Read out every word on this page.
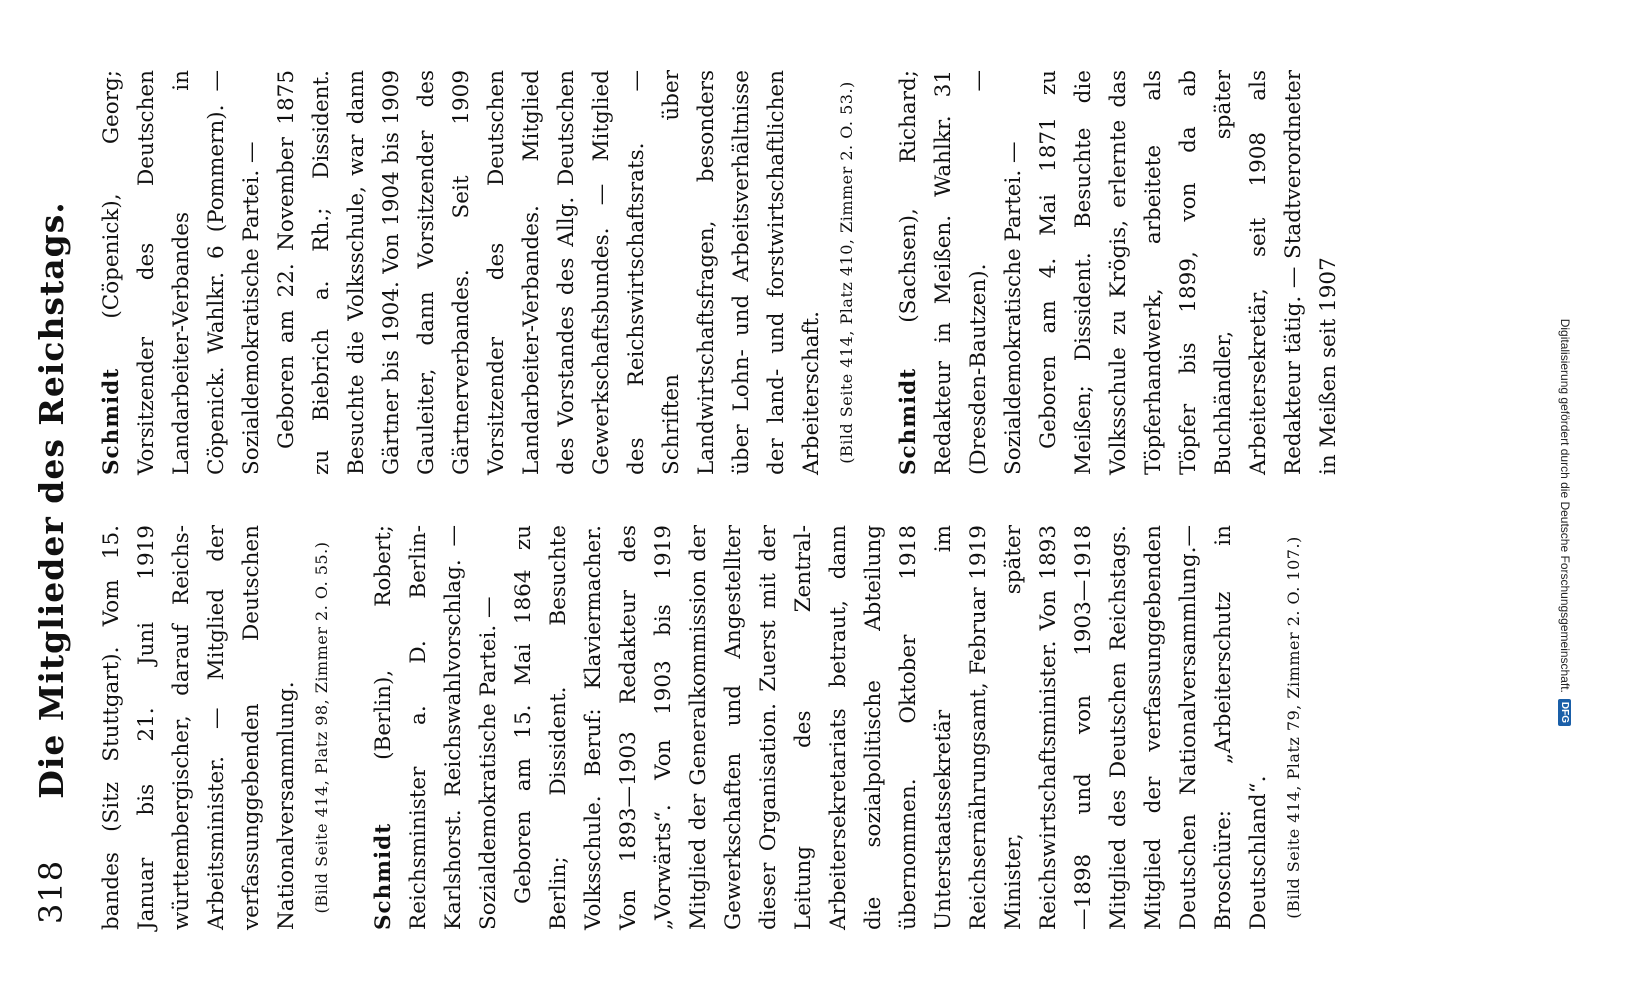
318
Die Mitglieder des Reichstags. bandes (Sitz Stuttgart). Vom 15. Januar bis 21. Juni 1919 württembergischer, darauf Reichs-Arbeitsminister. — Mitglied der verfassunggebenden Deutschen Nationalversammlung. (Bild Seite 414, Platz 98, Zimmer 2. O. 55.) Schmidt (Berlin), Robert; Reichsminister a. D. Berlin-Karlshorst. Reichswahlvorschlag. — Sozialdemokratische Partei. — Geboren am 15. Mai 1864 zu Berlin; Dissident. Besuchte Volksschule. Beruf: Klaviermacher. Von 1893—1903 Redakteur des „Vorwärts“. Von 1903 bis 1919 Mitglied der Generalkommission der Gewerkschaften und Angestellter dieser Organisation. Zuerst mit der Leitung des Zentral-Arbeitersekretariats betraut, dann die sozialpolitische Abteilung übernommen. Oktober 1918 Unterstaatssekretär im Reichsernährungsamt, Februar 1919 Minister, später Reichswirtschaftsminister. Von 1893—1898 und von 1903—1918 Mitglied des Deutschen Reichstags. Mitglied der verfassunggebenden Deutschen Nationalversammlung.— Broschüre: „Arbeiterschutz in Deutschland“. (Bild Seite 414, Platz 79, Zimmer 2. O. 107.)

Schmidt (Cöpenick), Georg; Vorsitzender des Deutschen Landarbeiter-Verbandes in Cöpenick. Wahlkr. 6 (Pommern). — Sozialdemokratische Partei. — Geboren am 22. November 1875 zu Biebrich a. Rh.; Dissident. Besuchte die Volksschule, war dann Gärtner bis 1904. Von 1904 bis 1909 Gauleiter, dann Vorsitzender des Gärtnerverbandes. Seit 1909 Vorsitzender des Deutschen Landarbeiter-Verbandes. Mitglied des Vorstandes des Allg. Deutschen Gewerkschaftsbundes. — Mitglied des Reichswirtschaftsrats. — Schriften über Landwirtschaftsfragen, besonders über Lohn- und Arbeitsverhältnisse der land- und forstwirtschaftlichen Arbeiterschaft. (Bild Seite 414, Platz 410, Zimmer 2. O. 53.) Schmidt (Sachsen), Richard; Redakteur in Meißen. Wahlkr. 31 (Dresden-Bautzen). — Sozialdemokratische Partei. — Geboren am 4. Mai 1871 zu Meißen; Dissident. Besuchte die Volksschule zu Krögis, erlernte das Töpferhandwerk, arbeitete als Töpfer bis 1899, von da ab Buchhändler, später Arbeitersekretär, seit 1908 als Redakteur tätig. — Stadtverordneter in Meißen seit 1907	Digitalisierung gefördert durch die Deutsche Forschungsgemeinschaft.
DFG
